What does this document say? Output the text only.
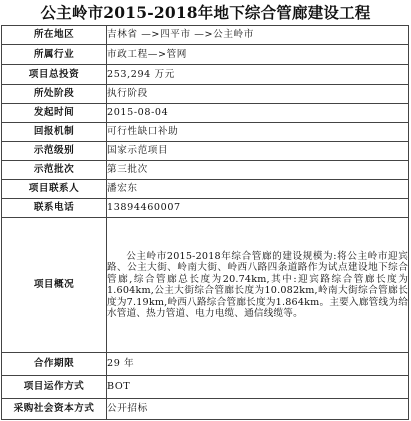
公主岭市2015-2018年地下综合管廊建设工程
所在地区	吉林省 —>四平市 —>公主岭市
所属行业	市政工程—>管网
项目总投资	253,294 万元
所处阶段	执行阶段
发起时间	2015-08-04
回报机制	可行性缺口补助
示范级别	国家示范项目
示范批次	第三批次
项目联系人	潘宏东
联系电话	13894460007
项目概况	公主岭市2015-2018年综合管廊的建设规模为:将公主岭市迎宾路、公主大街、岭南大街、岭西八路四条道路作为试点建设地下综合管廊,综合管廊总长度为20.74km,其中:迎宾路综合管廊长度为1.604km,公主大街综合管廊长度为10.082km,岭南大街综合管廊长度为7.19km,岭西八路综合管廊长度为1.864km。主要入廊管线为给水管道、热力管道、电力电缆、通信线缆等。

合作期限	29 年
项目运作方式	BOT
采购社会资本方式	公开招标
